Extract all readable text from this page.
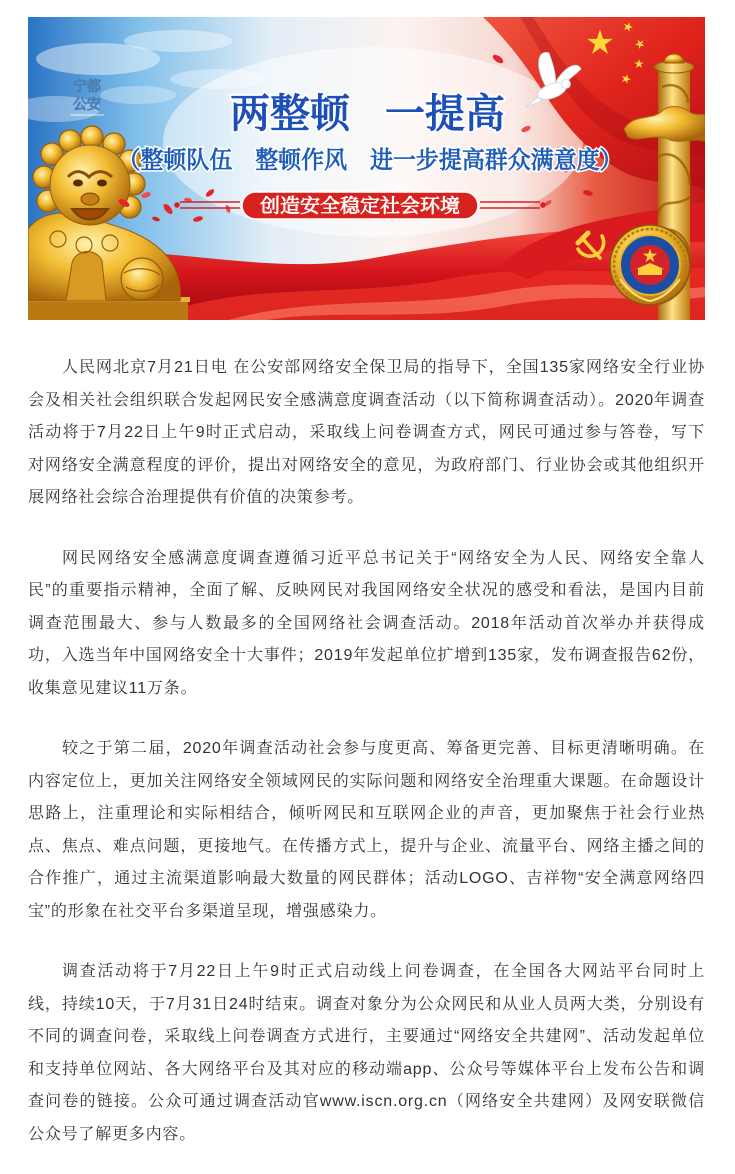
宁都
公安	两整顿 一提高
（整顿队伍　整顿作风　进一步提高群众满意度）
创造安全稳定社会环境

人民网北京7月21日电 在公安部网络安全保卫局的指导下，全国135家网络安全行业协会及相关社会组织联合发起网民安全感满意度调查活动（以下简称调查活动）。2020年调查活动将于7月22日上午9时正式启动，采取线上问卷调查方式，网民可通过参与答卷，写下对网络安全满意程度的评价，提出对网络安全的意见，为政府部门、行业协会或其他组织开展网络社会综合治理提供有价值的决策参考。

网民网络安全感满意度调查遵循习近平总书记关于“网络安全为人民、网络安全靠人民”的重要指示精神，全面了解、反映网民对我国网络安全状况的感受和看法，是国内目前调查范围最大、参与人数最多的全国网络社会调查活动。2018年活动首次举办并获得成功，入选当年中国网络安全十大事件；2019年发起单位扩增到135家，发布调查报告62份，收集意见建议11万条。

较之于第二届，2020年调查活动社会参与度更高、筹备更完善、目标更清晰明确。在内容定位上，更加关注网络安全领域网民的实际问题和网络安全治理重大课题。在命题设计思路上，注重理论和实际相结合，倾听网民和互联网企业的声音，更加聚焦于社会行业热点、焦点、难点问题，更接地气。在传播方式上，提升与企业、流量平台、网络主播之间的合作推广，通过主流渠道影响最大数量的网民群体；活动LOGO、吉祥物“安全满意网络四宝”的形象在社交平台多渠道呈现，增强感染力。

调查活动将于7月22日上午9时正式启动线上问卷调查，在全国各大网站平台同时上线，持续10天，于7月31日24时结束。调查对象分为公众网民和从业人员两大类，分别设有不同的调查问卷，采取线上问卷调查方式进行，主要通过“网络安全共建网”、活动发起单位和支持单位网站、各大网络平台及其对应的移动端app、公众号等媒体平台上发布公告和调查问卷的链接。公众可通过调查活动官www.iscn.org.cn（网络安全共建网）及网安联微信公众号了解更多内容。
